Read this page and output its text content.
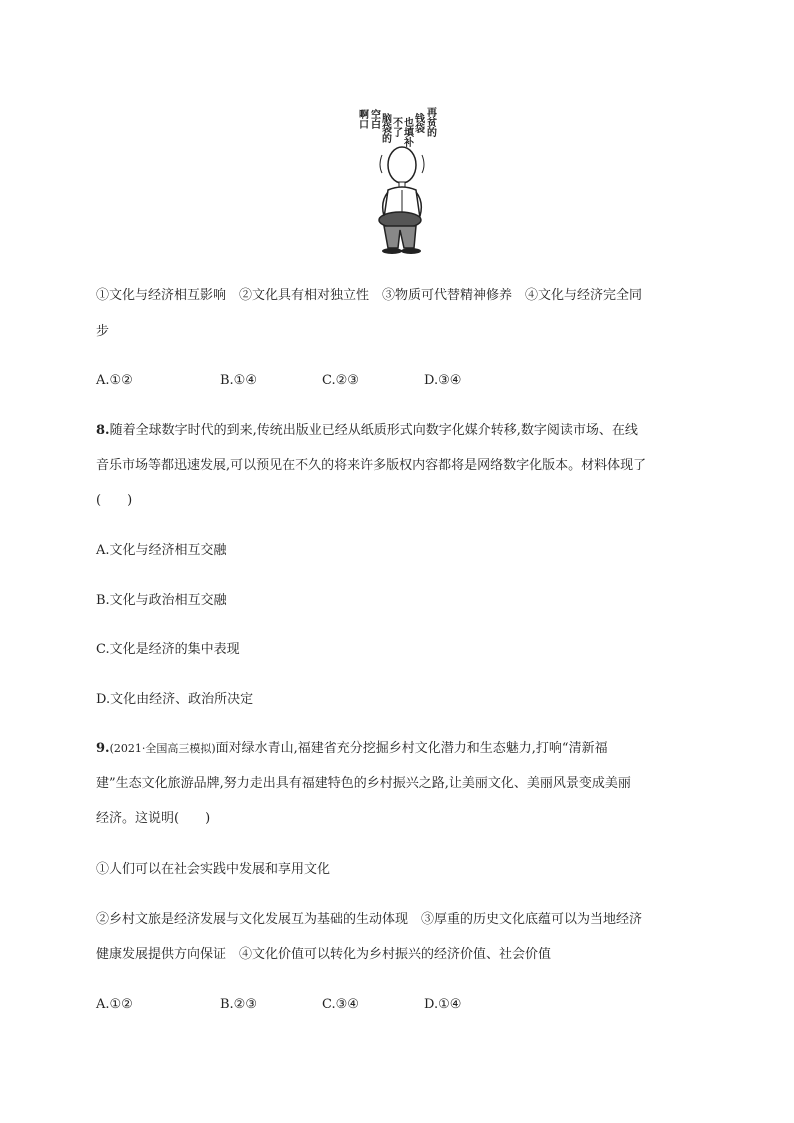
再贫的
钱袋
也填补
不了
脑袋的
空白
啊口
①文化与经济相互影响　②文化具有相对独立性　③物质可代替精神修养　④文化与经济完全同
步
A.①②	B.①④	C.②③	D.③④
8.随着全球数字时代的到来,传统出版业已经从纸质形式向数字化媒介转移,数字阅读市场、在线
音乐市场等都迅速发展,可以预见在不久的将来许多版权内容都将是网络数字化版本。材料体现了
(　　)
A.文化与经济相互交融
B.文化与政治相互交融
C.文化是经济的集中表现
D.文化由经济、政治所决定
9.(2021·全国高三模拟)面对绿水青山,福建省充分挖掘乡村文化潜力和生态魅力,打响“清新福
建”生态文化旅游品牌,努力走出具有福建特色的乡村振兴之路,让美丽文化、美丽风景变成美丽
经济。这说明(　　)
①人们可以在社会实践中发展和享用文化
②乡村文旅是经济发展与文化发展互为基础的生动体现　③厚重的历史文化底蕴可以为当地经济
健康发展提供方向保证　④文化价值可以转化为乡村振兴的经济价值、社会价值
A.①②	B.②③	C.③④	D.①④
